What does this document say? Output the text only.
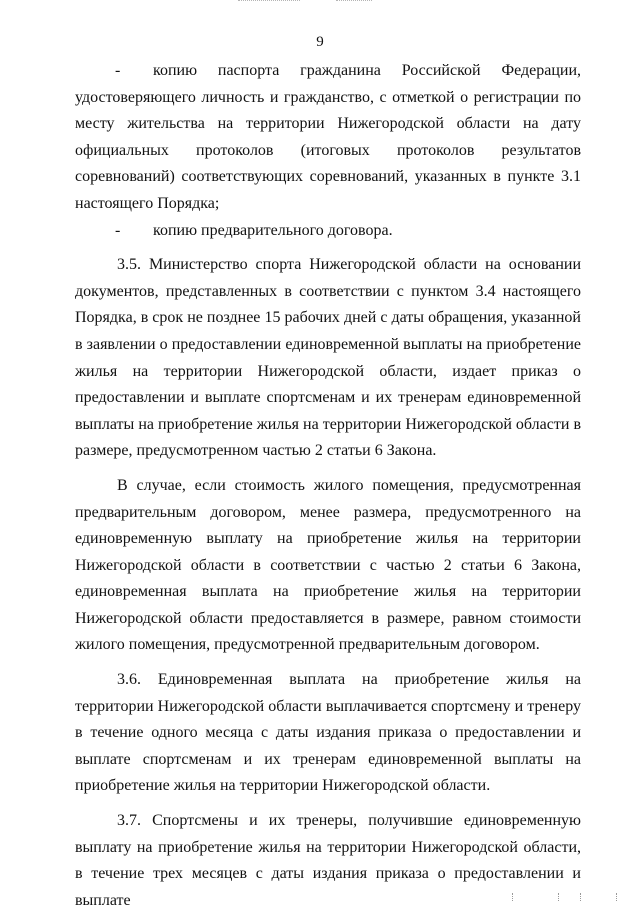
9

- копию паспорта гражданина Российской Федерации, удостоверяющего личность и гражданство, с отметкой о регистрации по месту жительства на территории Нижегородской области на дату официальных протоколов (итоговых протоколов результатов соревнований) соответствующих соревнований, указанных в пункте 3.1 настоящего Порядка;

- копию предварительного договора.

3.5. Министерство спорта Нижегородской области на основании документов, представленных в соответствии с пунктом 3.4 настоящего Порядка, в срок не позднее 15 рабочих дней с даты обращения, указанной в заявлении о предоставлении единовременной выплаты на приобретение жилья на территории Нижегородской области, издает приказ о предоставлении и выплате спортсменам и их тренерам единовременной выплаты на приобретение жилья на территории Нижегородской области в размере, предусмотренном частью 2 статьи 6 Закона.

В случае, если стоимость жилого помещения, предусмотренная предварительным договором, менее размера, предусмотренного на единовременную выплату на приобретение жилья на территории Нижегородской области в соответствии с частью 2 статьи 6 Закона, единовременная выплата на приобретение жилья на территории Нижегородской области предоставляется в размере, равном стоимости жилого помещения, предусмотренной предварительным договором.

3.6. Единовременная выплата на приобретение жилья на территории Нижегородской области выплачивается спортсмену и тренеру в течение одного месяца с даты издания приказа о предоставлении и выплате спортсменам и их тренерам единовременной выплаты на приобретение жилья на территории Нижегородской области.

3.7. Спортсмены и их тренеры, получившие единовременную выплату на приобретение жилья на территории Нижегородской области, в течение трех месяцев с даты издания приказа о предоставлении и выплате
